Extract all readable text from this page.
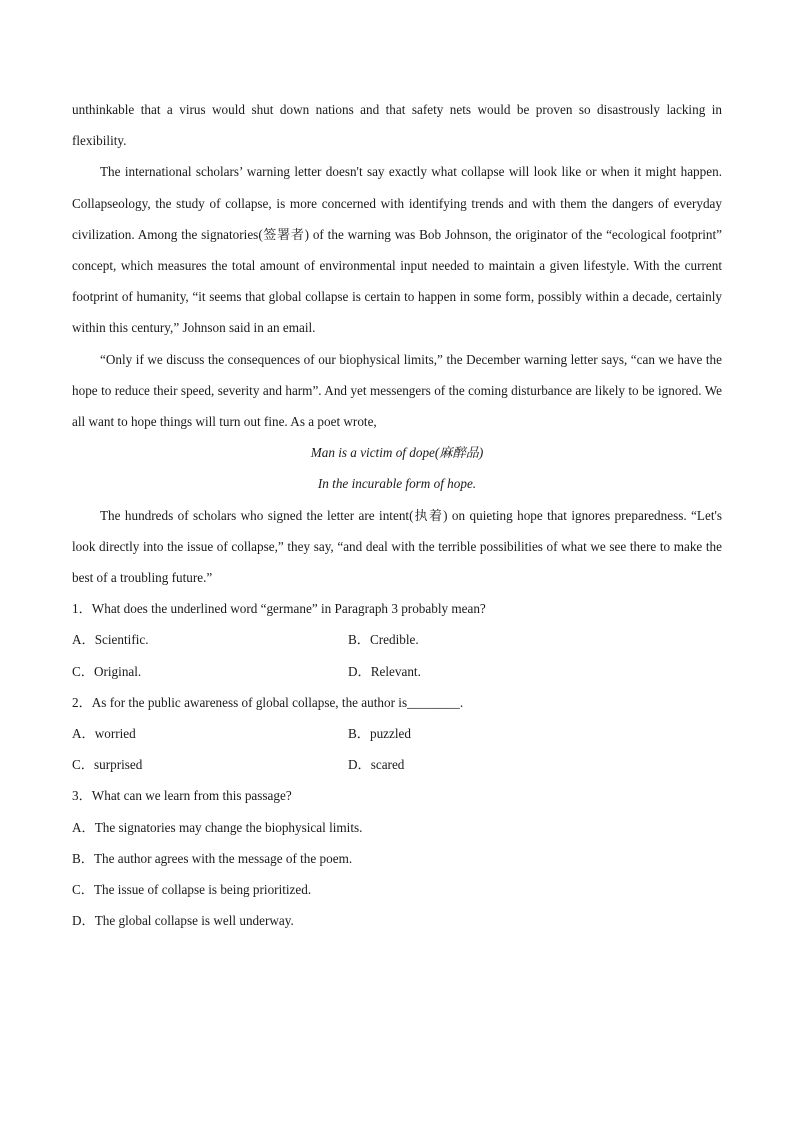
unthinkable that a virus would shut down nations and that safety nets would be proven so disastrously lacking in flexibility.

The international scholars’ warning letter doesn't say exactly what collapse will look like or when it might happen. Collapseology, the study of collapse, is more concerned with identifying trends and with them the dangers of everyday civilization. Among the signatories(签署者) of the warning was Bob Johnson, the originator of the “ecological footprint” concept, which measures the total amount of environmental input needed to maintain a given lifestyle. With the current footprint of humanity, “it seems that global collapse is certain to happen in some form, possibly within a decade, certainly within this century,” Johnson said in an email.

“Only if we discuss the consequences of our biophysical limits,” the December warning letter says, “can we have the hope to reduce their speed, severity and harm”. And yet messengers of the coming disturbance are likely to be ignored. We all want to hope things will turn out fine. As a poet wrote,

Man is a victim of dope(麻醉品)

In the incurable form of hope.

The hundreds of scholars who signed the letter are intent(执着) on quieting hope that ignores preparedness. “Let's look directly into the issue of collapse,” they say, “and deal with the terrible possibilities of what we see there to make the best of a troubling future.”

1．What does the underlined word “germane” in Paragraph 3 probably mean?

A．Scientific.	B．Credible.
C．Original.	D．Relevant.

2．As for the public awareness of global collapse, the author is________.

A．worried	B．puzzled
C．surprised	D．scared

3．What can we learn from this passage?

A．The signatories may change the biophysical limits.

B．The author agrees with the message of the poem.

C．The issue of collapse is being prioritized.

D．The global collapse is well underway.
